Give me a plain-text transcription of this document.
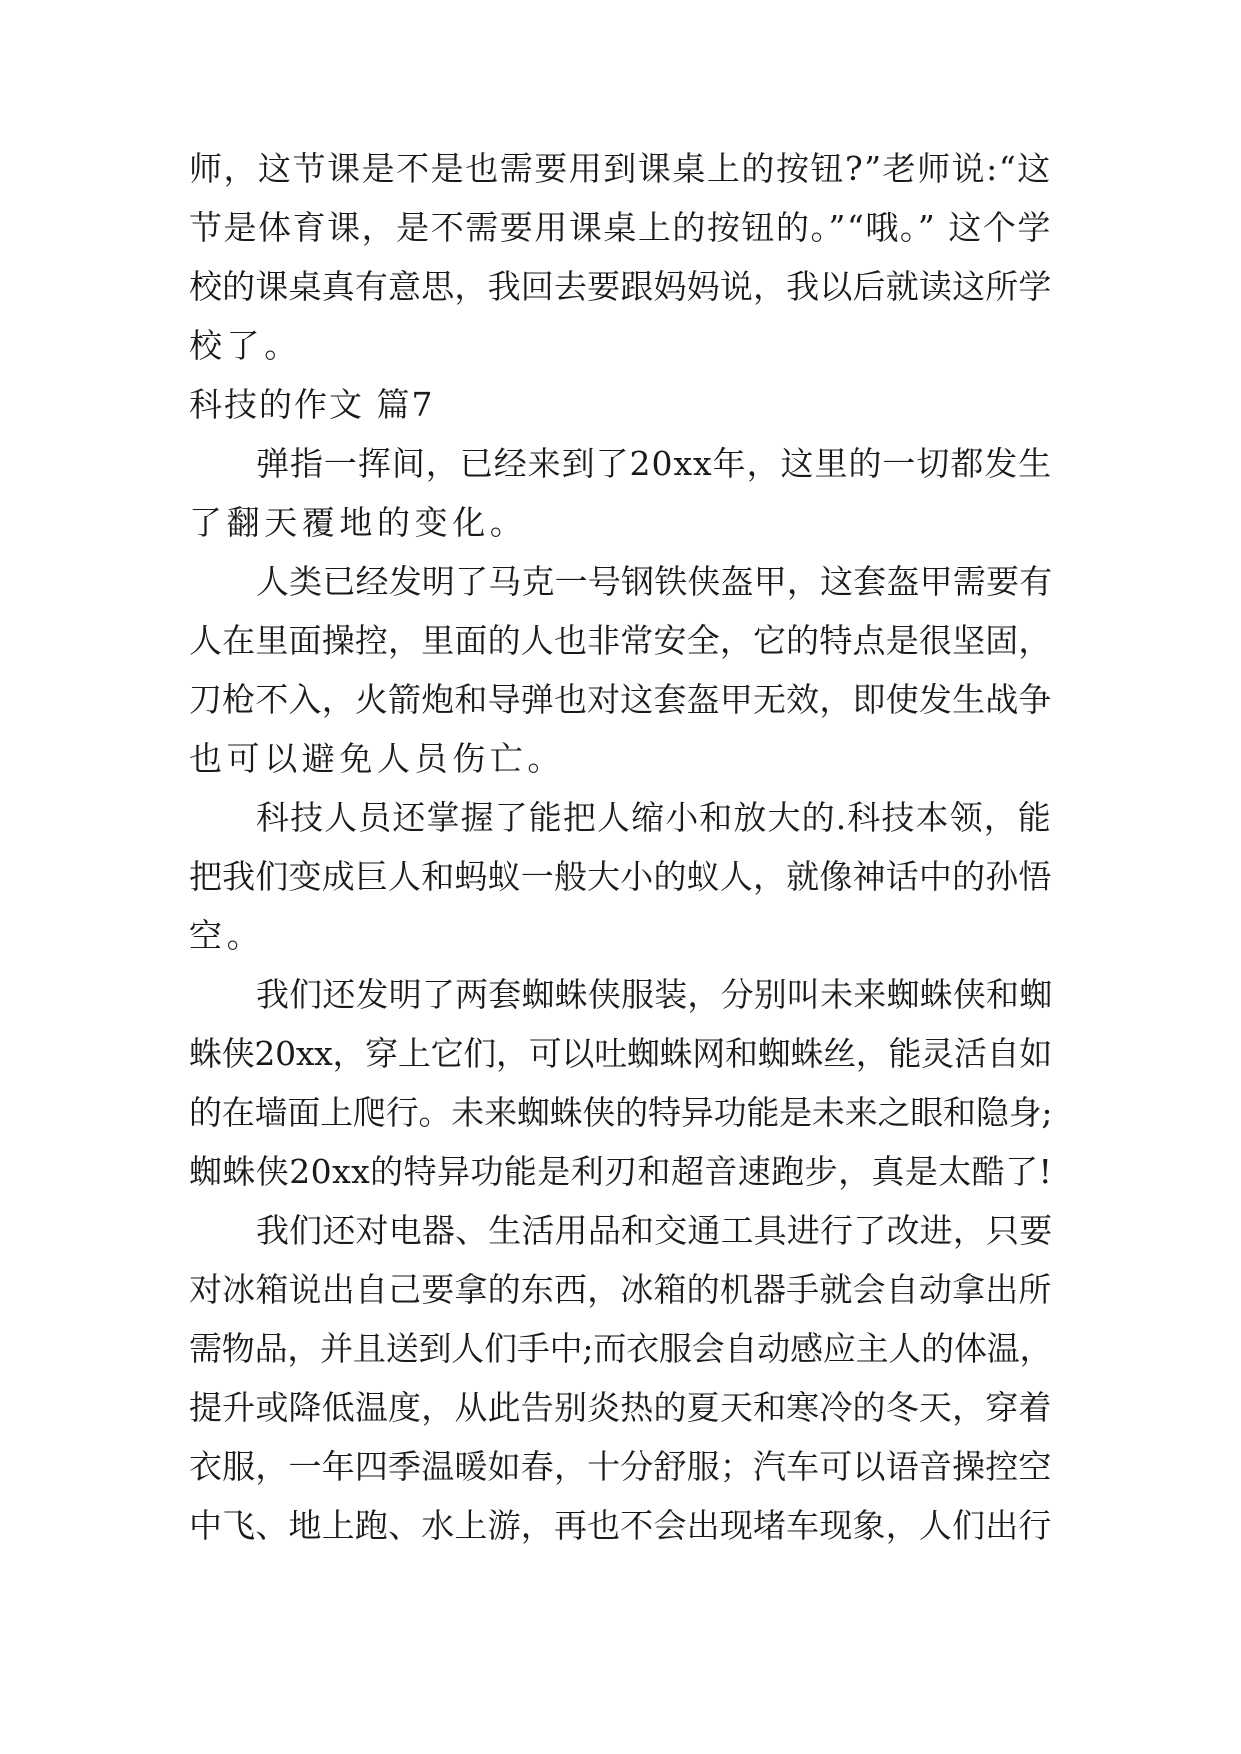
师，这节课是不是也需要用到课桌上的按钮?”老师说:“这
节是体育课，是不需要用课桌上的按钮的。”“哦。” 这个学
校的课桌真有意思，我回去要跟妈妈说，我以后就读这所学
校了。
科技的作文 篇7
弹指一挥间，已经来到了20xx年，这里的一切都发生
了翻天覆地的变化。
人类已经发明了马克一号钢铁侠盔甲，这套盔甲需要有
人在里面操控，里面的人也非常安全，它的特点是很坚固，
刀枪不入，火箭炮和导弹也对这套盔甲无效，即使发生战争
也可以避免人员伤亡。
科技人员还掌握了能把人缩小和放大的.科技本领，能
把我们变成巨人和蚂蚁一般大小的蚁人，就像神话中的孙悟
空。
我们还发明了两套蜘蛛侠服装，分别叫未来蜘蛛侠和蜘
蛛侠20xx，穿上它们，可以吐蜘蛛网和蜘蛛丝，能灵活自如
的在墙面上爬行。未来蜘蛛侠的特异功能是未来之眼和隐身;
蜘蛛侠20xx的特异功能是利刃和超音速跑步，真是太酷了!
我们还对电器、生活用品和交通工具进行了改进，只要
对冰箱说出自己要拿的东西，冰箱的机器手就会自动拿出所
需物品，并且送到人们手中;而衣服会自动感应主人的体温，
提升或降低温度，从此告别炎热的夏天和寒冷的冬天，穿着
衣服，一年四季温暖如春，十分舒服；汽车可以语音操控空
中飞、地上跑、水上游，再也不会出现堵车现象，人们出行
